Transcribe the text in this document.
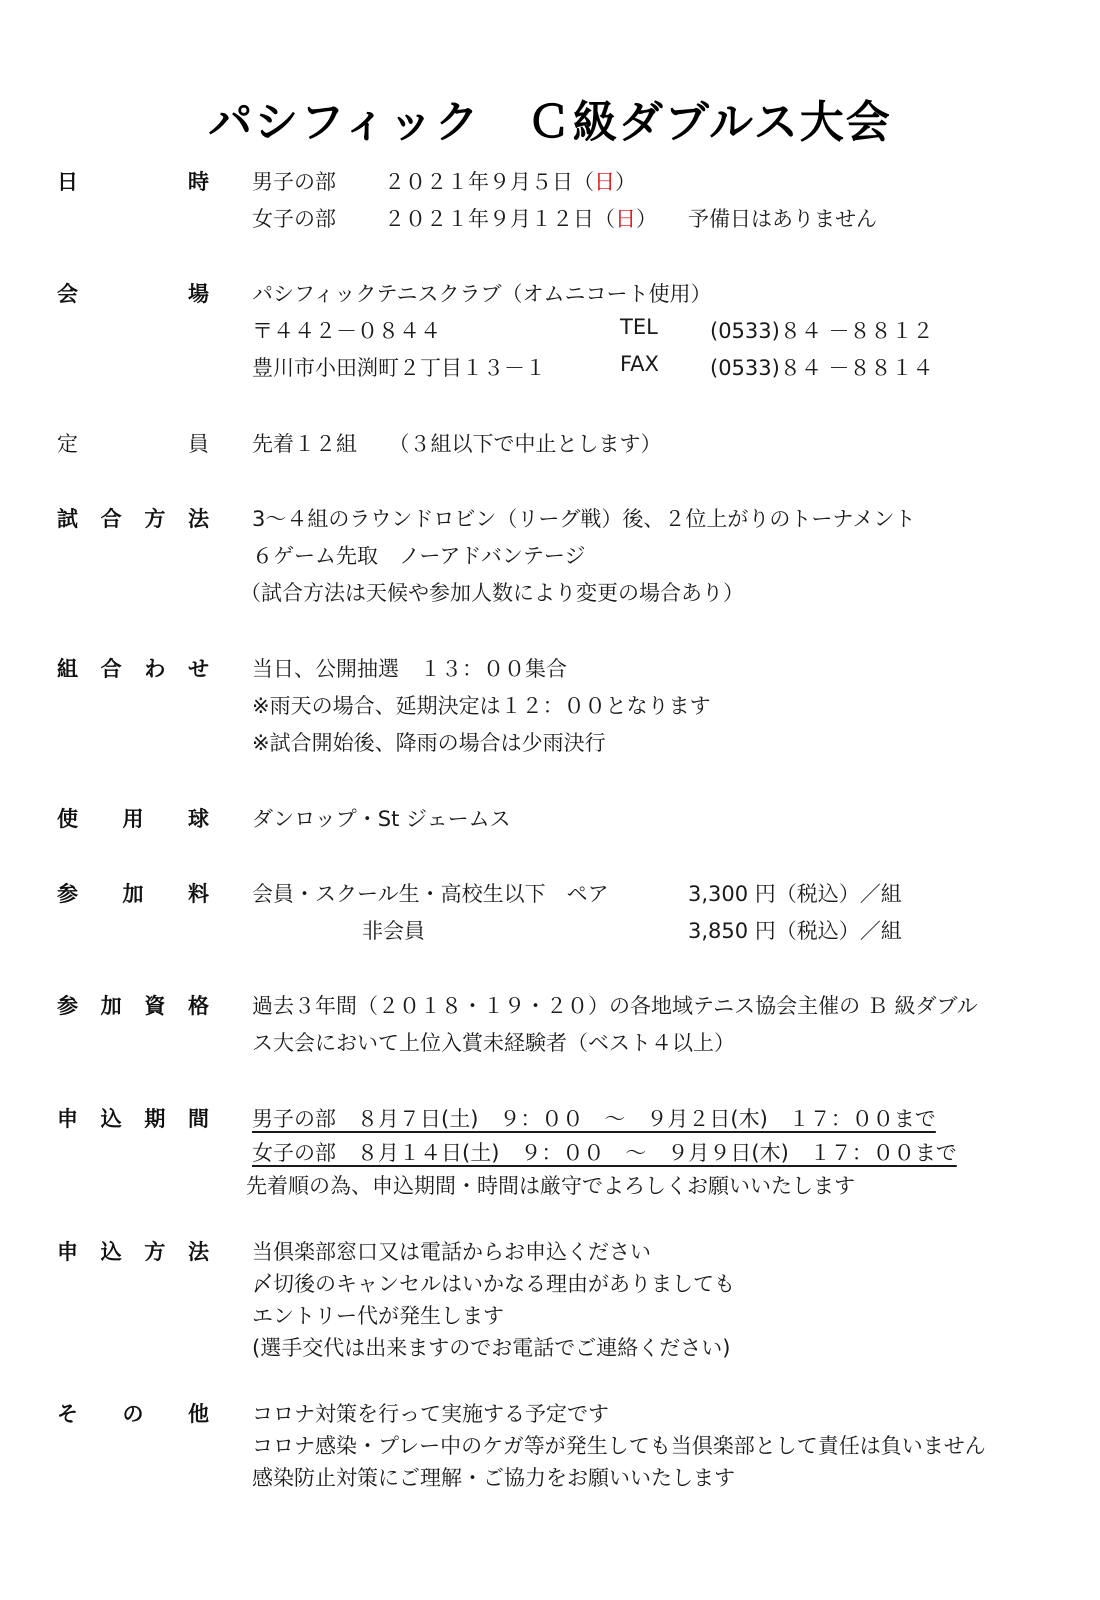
パシフィック　Ｃ級ダブルス大会
日	時 男子の部 ２０２１年９月５日（日）
女子の部 ２０２１年９月１２日（日） 予備日はありません
会	場 パシフィックテニスクラブ（オムニコート使用）
〒４４２－０８４４	TEL (0533)８４ －８８１２
豊川市小田渕町２丁目１３－１	FAX (0533)８４ －８８１４
定	員 先着１２組　　（３組以下で中止とします）
試 合 方 法 3～４組のラウンドロビン（リーグ戦）後、２位上がりのトーナメント
６ゲーム先取　ノーアドバンテージ
（試合方法は天候や参加人数により変更の場合あり）
組 合 わ せ 当日、公開抽選　１３：００集合
※雨天の場合、延期決定は１２：００となります
※試合開始後、降雨の場合は少雨決行
使 用 球 ダンロップ・St ジェームス
参 加 料 会員・スクール生・高校生以下　ペア	3,300 円（税込）／組
非会員	3,850 円（税込）／組
参 加 資 格 過去３年間（２０１８・１９・２０）の各地域テニス協会主催の Ｂ 級ダブル
ス大会において上位入賞未経験者（ベスト４以上）
申 込 期 間 男子の部　８月７日(土)　９：００　～　９月２日(木)　１７：００まで
女子の部　８月１４日(土)　９：００　～　９月９日(木)　１７：００まで
先着順の為、申込期間・時間は厳守でよろしくお願いいたします
申 込 方 法 当倶楽部窓口又は電話からお申込ください
〆切後のキャンセルはいかなる理由がありましても
エントリー代が発生します
(選手交代は出来ますのでお電話でご連絡ください)
そ の 他 コロナ対策を行って実施する予定です
コロナ感染・プレー中のケガ等が発生しても当倶楽部として責任は負いません
感染防止対策にご理解・ご協力をお願いいたします
